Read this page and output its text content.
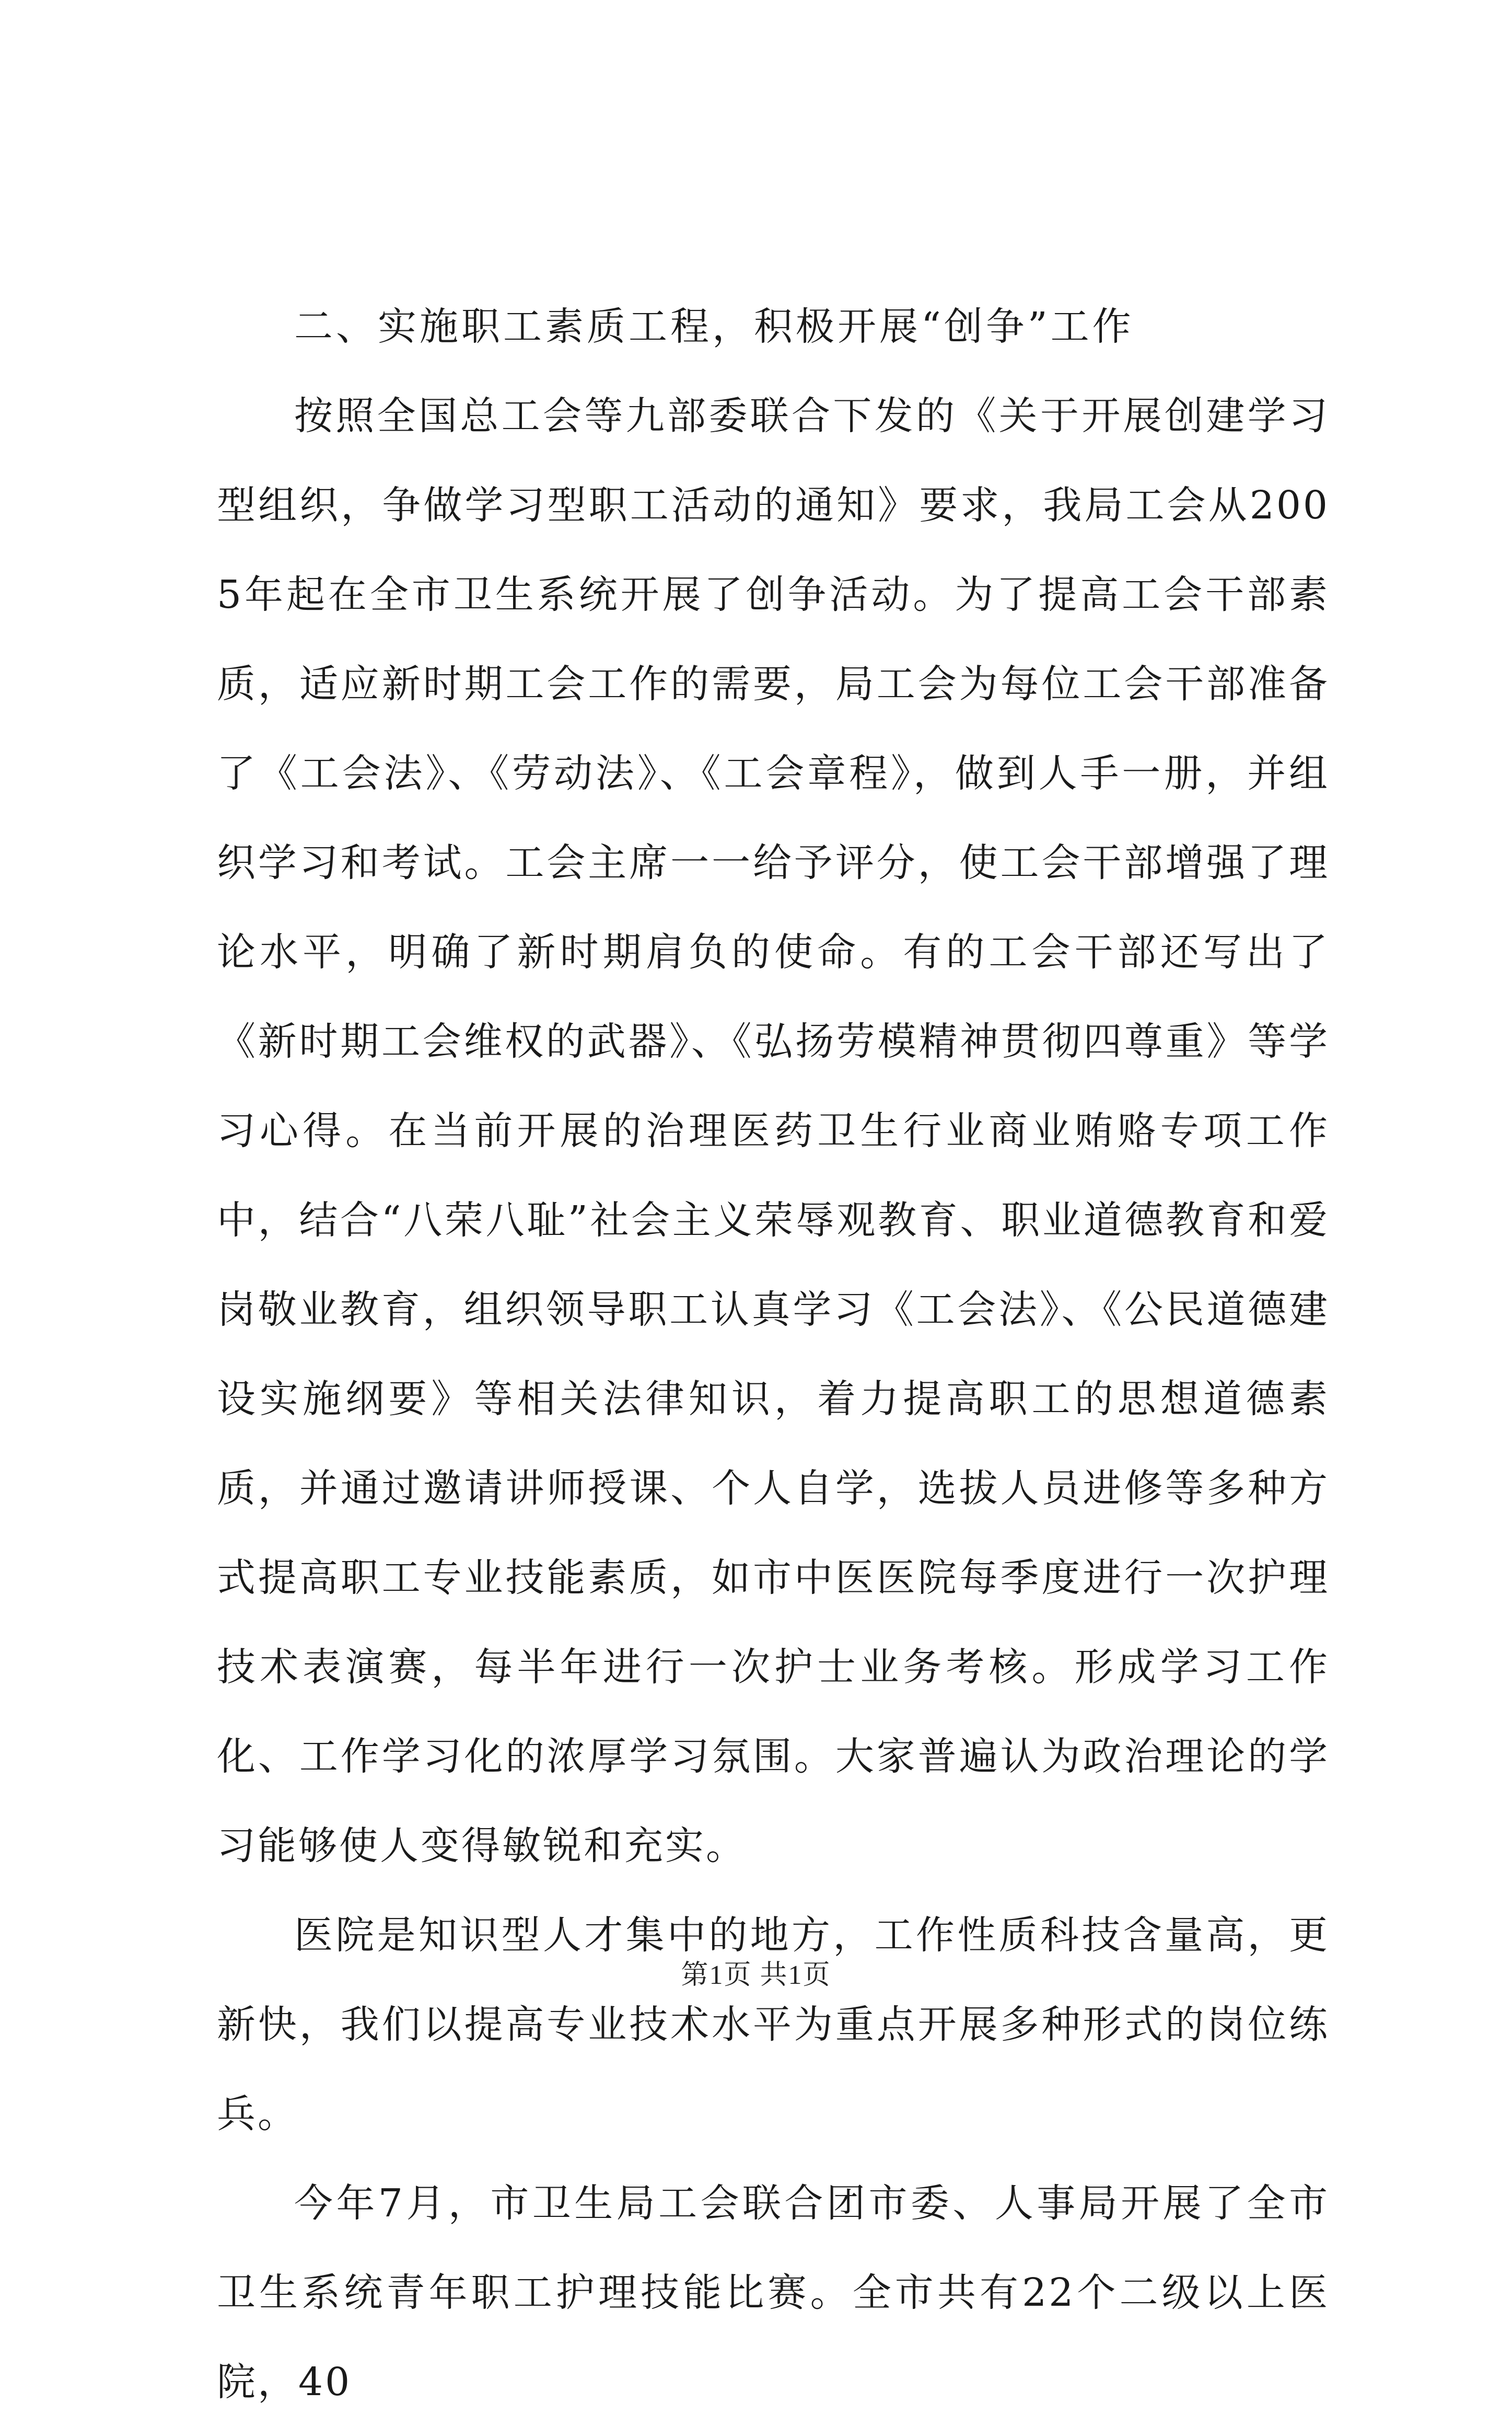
二、实施职工素质工程，积极开展“创争”工作

按照全国总工会等九部委联合下发的《关于开展创建学习型组织，争做学习型职工活动的通知》要求，我局工会从2005年起在全市卫生系统开展了创争活动。为了提高工会干部素质，适应新时期工会工作的需要，局工会为每位工会干部准备了《工会法》、《劳动法》、《工会章程》，做到人手一册，并组织学习和考试。工会主席一一给予评分，使工会干部增强了理论水平，明确了新时期肩负的使命。有的工会干部还写出了《新时期工会维权的武器》、《弘扬劳模精神贯彻四尊重》等学习心得。在当前开展的治理医药卫生行业商业贿赂专项工作中，结合“八荣八耻”社会主义荣辱观教育、职业道德教育和爱岗敬业教育，组织领导职工认真学习《工会法》、《公民道德建设实施纲要》等相关法律知识，着力提高职工的思想道德素质，并通过邀请讲师授课、个人自学，选拔人员进修等多种方式提高职工专业技能素质，如市中医医院每季度进行一次护理技术表演赛，每半年进行一次护士业务考核。形成学习工作化、工作学习化的浓厚学习氛围。大家普遍认为政治理论的学习能够使人变得敏锐和充实。

医院是知识型人才集中的地方，工作性质科技含量高，更新快，我们以提高专业技术水平为重点开展多种形式的岗位练兵。

今年7月，市卫生局工会联合团市委、人事局开展了全市卫生系统青年职工护理技能比赛。全市共有22个二级以上医院，40

第1页 共1页
